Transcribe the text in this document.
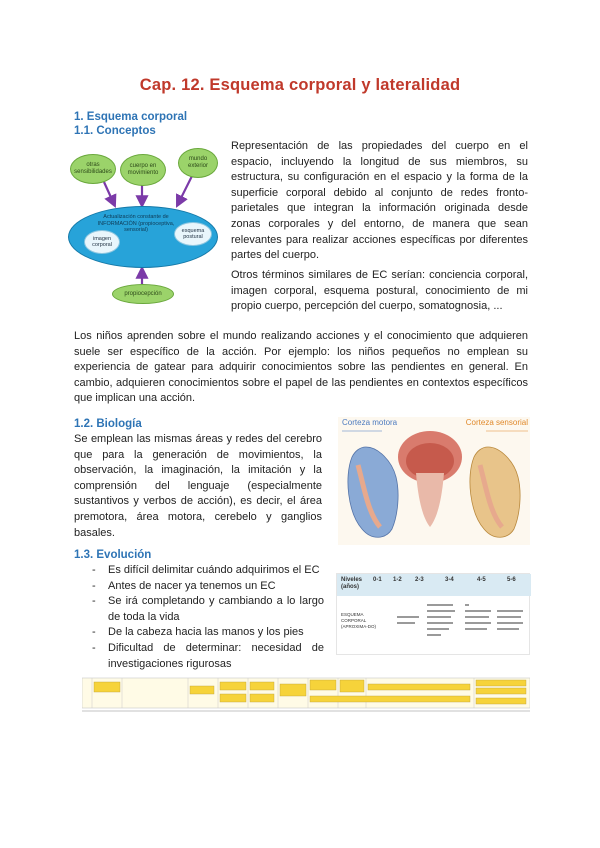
Cap. 12. Esquema corporal y lateralidad
1. Esquema corporal
1.1. Conceptos
otras sensibilidades
cuerpo en movimiento
mundo exterior
Actualización constante de INFORMACIÓN (propioceptiva, sensorial)
imagen corporal
esquema postural
propiocepción
Representación de las propiedades del cuerpo en el espacio, incluyendo la longitud de sus miembros, su estructura, su configuración en el espacio y la forma de la superficie corporal debido al conjunto de redes fronto-parietales que integran la información originada desde zonas corporales y del entorno, de manera que sean relevantes para realizar acciones específicas por diferentes partes del cuerpo.
Otros términos similares de EC serían: conciencia corporal, imagen corporal, esquema postural, conocimiento de mi propio cuerpo, percepción del cuerpo, somatognosia, ...
Los niños aprenden sobre el mundo realizando acciones y el conocimiento que adquieren suele ser específico de la acción. Por ejemplo: los niños pequeños no emplean su experiencia de gatear para adquirir conocimientos sobre las pendientes en general. En cambio, adquieren conocimientos sobre el papel de las pendientes en contextos específicos que implican una acción.
1.2. Biología
Se emplean las mismas áreas y redes del cerebro que para la generación de movimientos, la observación, la imaginación, la imitación y la comprensión del lenguaje (especialmente sustantivos y verbos de acción), es decir, el área premotora, área motora, cerebelo y ganglios basales.
Corteza motora	Corteza sensorial
1.3. Evolución
- Es difícil delimitar cuándo adquirimos el EC
- Antes de nacer ya tenemos un EC
- Se irá completando y cambiando a lo largo de toda la vida
- De la cabeza hacia las manos y los pies
- Dificultad de determinar: necesidad de investigaciones rigurosas
Niveles (años)
0-1 1-2 2-3	3-4	4-5	5-6
ESQUEMA CORPORAL (APROXIMA-DO)
